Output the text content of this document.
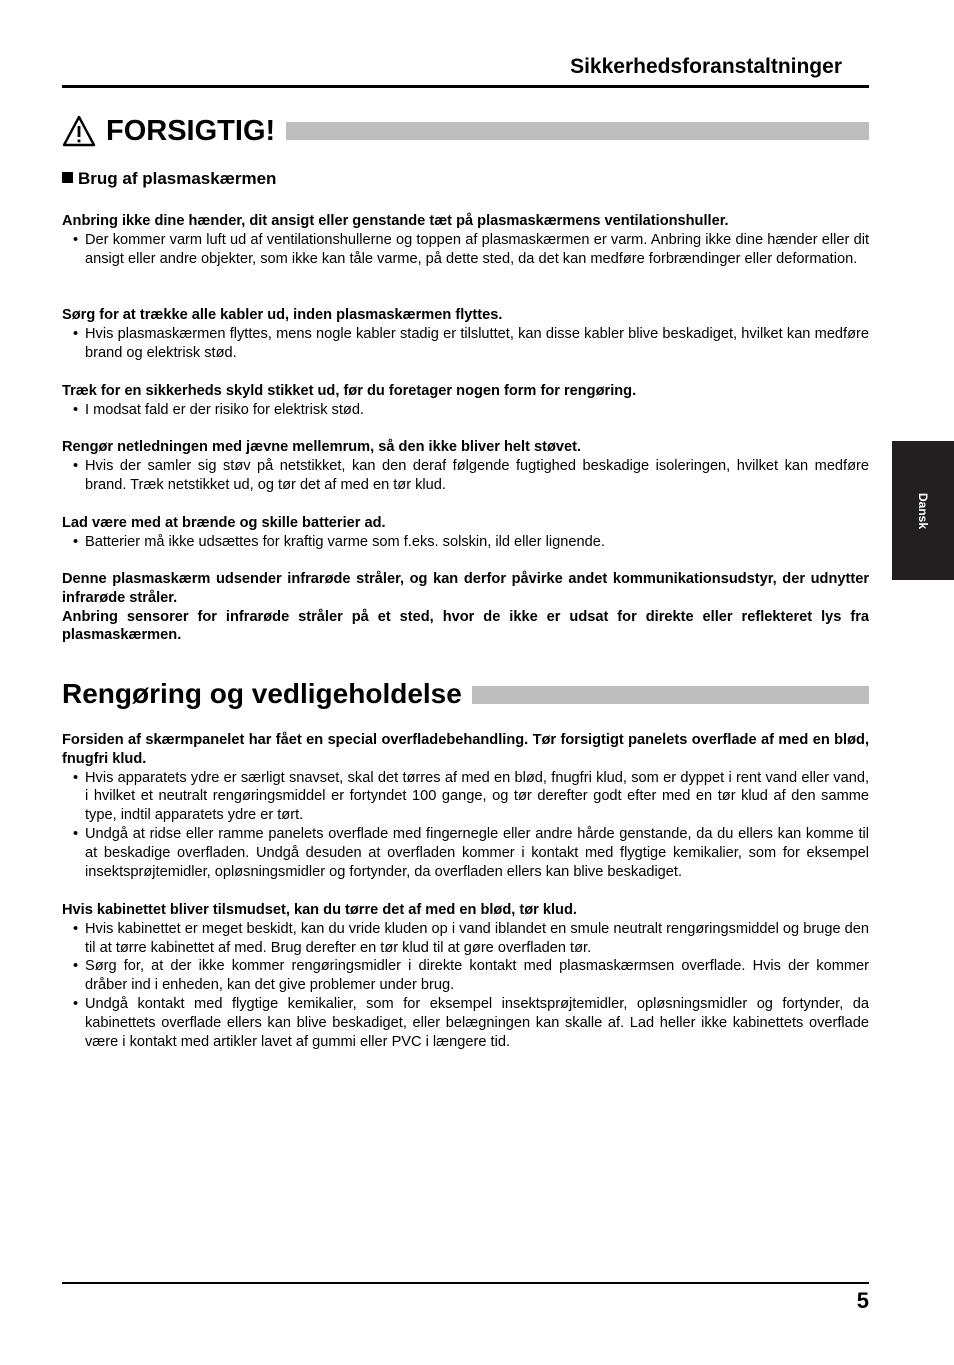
Sikkerhedsforanstaltninger
FORSIGTIG!
Brug af plasmaskærmen
Anbring ikke dine hænder, dit ansigt eller genstande tæt på plasmaskærmens ventilationshuller.
• Der kommer varm luft ud af ventilationshullerne og toppen af plasmaskærmen er varm. Anbring ikke dine hænder eller dit ansigt eller andre objekter, som ikke kan tåle varme, på dette sted, da det kan medføre forbrændinger eller deformation.
Sørg for at trække alle kabler ud, inden plasmaskærmen flyttes.
• Hvis plasmaskærmen flyttes, mens nogle kabler stadig er tilsluttet, kan disse kabler blive beskadiget, hvilket kan medføre brand og elektrisk stød.
Træk for en sikkerheds skyld stikket ud, før du foretager nogen form for rengøring.
• I modsat fald er der risiko for elektrisk stød.
Rengør netledningen med jævne mellemrum, så den ikke bliver helt støvet.
• Hvis der samler sig støv på netstikket, kan den deraf følgende fugtighed beskadige isoleringen, hvilket kan medføre brand. Træk netstikket ud, og tør det af med en tør klud.
Lad være med at brænde og skille batterier ad.
• Batterier må ikke udsættes for kraftig varme som f.eks. solskin, ild eller lignende.
Denne plasmaskærm udsender infrarøde stråler, og kan derfor påvirke andet kommunikationsudstyr, der udnytter infrarøde stråler.
Anbring sensorer for infrarøde stråler på et sted, hvor de ikke er udsat for direkte eller reflekteret lys fra plasmaskærmen.
Rengøring og vedligeholdelse
Forsiden af skærmpanelet har fået en special overfladebehandling. Tør forsigtigt panelets overflade af med en blød, fnugfri klud.
• Hvis apparatets ydre er særligt snavset, skal det tørres af med en blød, fnugfri klud, som er dyppet i rent vand eller vand, i hvilket et neutralt rengøringsmiddel er fortyndet 100 gange, og tør derefter godt efter med en tør klud af den samme type, indtil apparatets ydre er tørt.
• Undgå at ridse eller ramme panelets overflade med fingernegle eller andre hårde genstande, da du ellers kan komme til at beskadige overfladen. Undgå desuden at overfladen kommer i kontakt med flygtige kemikalier, som for eksempel insektsprøjtemidler, opløsningsmidler og fortynder, da overfladen ellers kan blive beskadiget.
Hvis kabinettet bliver tilsmudset, kan du tørre det af med en blød, tør klud.
• Hvis kabinettet er meget beskidt, kan du vride kluden op i vand iblandet en smule neutralt rengøringsmiddel og bruge den til at tørre kabinettet af med. Brug derefter en tør klud til at gøre overfladen tør.
• Sørg for, at der ikke kommer rengøringsmidler i direkte kontakt med plasmaskærmsen overflade. Hvis der kommer dråber ind i enheden, kan det give problemer under brug.
• Undgå kontakt med flygtige kemikalier, som for eksempel insektsprøjtemidler, opløsningsmidler og fortynder, da kabinettets overflade ellers kan blive beskadiget, eller belægningen kan skalle af. Lad heller ikke kabinettets overflade være i kontakt med artikler lavet af gummi eller PVC i længere tid.
Dansk
5
